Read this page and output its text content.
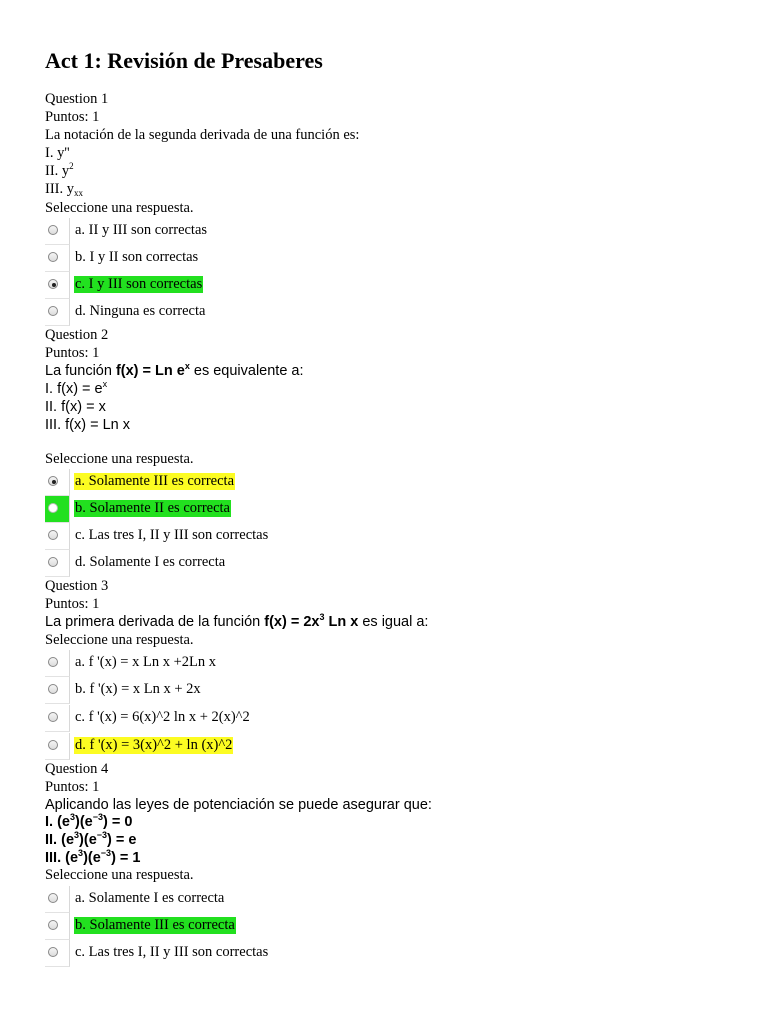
Act 1: Revisión de Presaberes
Question 1
Puntos: 1
La notación de la segunda derivada de una función es:
I. y''
II. $y^2$
III. $y_{xx}$
Seleccione una respuesta.
a. II y III son correctas
b. I y II son correctas
c. I y III son correctas
d. Ninguna es correcta
Question 2
Puntos: 1
La función f(x) = Ln $e^x$ es equivalente a:
I. $f(x) = e^x$
II. f(x) = x
III. f(x) = Ln x
Seleccione una respuesta.
a. Solamente III es correcta
b. Solamente II es correcta
c. Las tres I, II y III son correctas
d. Solamente I es correcta
Question 3
Puntos: 1
La primera derivada de la función $f(x) = 2x^3$ Ln x es igual a:
Seleccione una respuesta.
a. f '(x) = x Ln x +2Ln x
b. f '(x) = x Ln x + 2x
c. f '(x) = 6(x)^2 ln x + 2(x)^2
d. f '(x) = 3(x)^2 + ln (x)^2
Question 4
Puntos: 1
Aplicando las leyes de potenciación se puede asegurar que:
I. $(e^3)(e^{-3}) = 0$
II. $(e^3)(e^{-3}) = e$
III. $(e^3)(e^{-3}) = 1$
Seleccione una respuesta.
a. Solamente I es correcta
b. Solamente III es correcta
c. Las tres I, II y III son correctas
